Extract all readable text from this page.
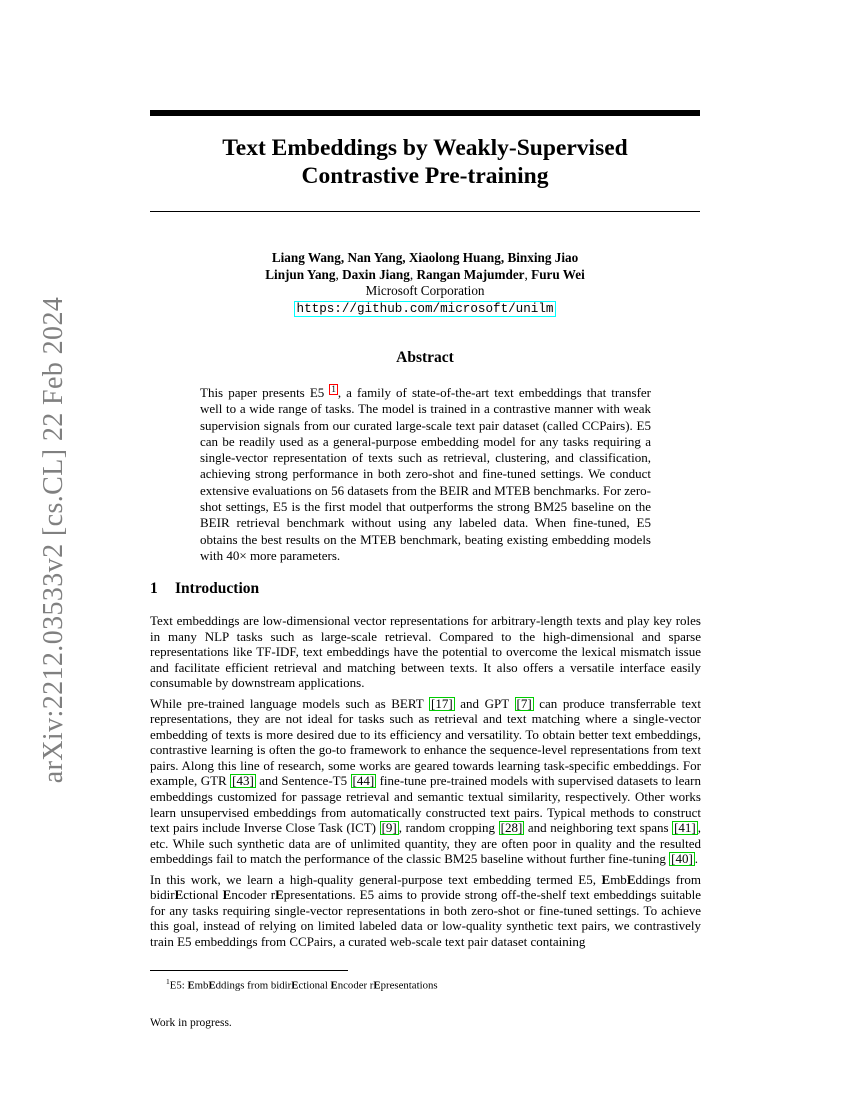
arXiv:2212.03533v2 [cs.CL] 22 Feb 2024
Text Embeddings by Weakly-Supervised
Contrastive Pre-training
Liang Wang, Nan Yang, Xiaolong Huang, Binxing Jiao
Linjun Yang, Daxin Jiang, Rangan Majumder, Furu Wei
Microsoft Corporation
https://github.com/microsoft/unilm
Abstract

This paper presents E5 1 , a family of state-of-the-art text embeddings that transfer well to a wide range of tasks. The model is trained in a contrastive manner with weak supervision signals from our curated large-scale text pair dataset (called CCPairs). E5 can be readily used as a general-purpose embedding model for any tasks requiring a single-vector representation of texts such as retrieval, clustering, and classification, achieving strong performance in both zero-shot and fine-tuned settings. We conduct extensive evaluations on 56 datasets from the BEIR and MTEB benchmarks. For zero-shot settings, E5 is the first model that outperforms the strong BM25 baseline on the BEIR retrieval benchmark without using any labeled data. When fine-tuned, E5 obtains the best results on the MTEB benchmark, beating existing embedding models with 40× more parameters.

1 Introduction

Text embeddings are low-dimensional vector representations for arbitrary-length texts and play key roles in many NLP tasks such as large-scale retrieval. Compared to the high-dimensional and sparse representations like TF-IDF, text embeddings have the potential to overcome the lexical mismatch issue and facilitate efficient retrieval and matching between texts. It also offers a versatile interface easily consumable by downstream applications.

While pre-trained language models such as BERT [17] and GPT [7] can produce transferrable text representations, they are not ideal for tasks such as retrieval and text matching where a single-vector embedding of texts is more desired due to its efficiency and versatility. To obtain better text embeddings, contrastive learning is often the go-to framework to enhance the sequence-level representations from text pairs. Along this line of research, some works are geared towards learning task-specific embeddings. For example, GTR [43] and Sentence-T5 [44] fine-tune pre-trained models with supervised datasets to learn embeddings customized for passage retrieval and semantic textual similarity, respectively. Other works learn unsupervised embeddings from automatically constructed text pairs. Typical methods to construct text pairs include Inverse Close Task (ICT) [9] , random cropping [28] and neighboring text spans [41] , etc. While such synthetic data are of unlimited quantity, they are often poor in quality and the resulted embeddings fail to match the performance of the classic BM25 baseline without further fine-tuning [40] .

In this work, we learn a high-quality general-purpose text embedding termed E5, EmbEddings from bidirEctional Encoder rEpresentations. E5 aims to provide strong off-the-shelf text embeddings suitable for any tasks requiring single-vector representations in both zero-shot or fine-tuned settings. To achieve this goal, instead of relying on limited labeled data or low-quality synthetic text pairs, we contrastively train E5 embeddings from CCPairs, a curated web-scale text pair dataset containing

$^1$E5: EmbEddings from bidirEctional Encoder rEpresentations
Work in progress.
